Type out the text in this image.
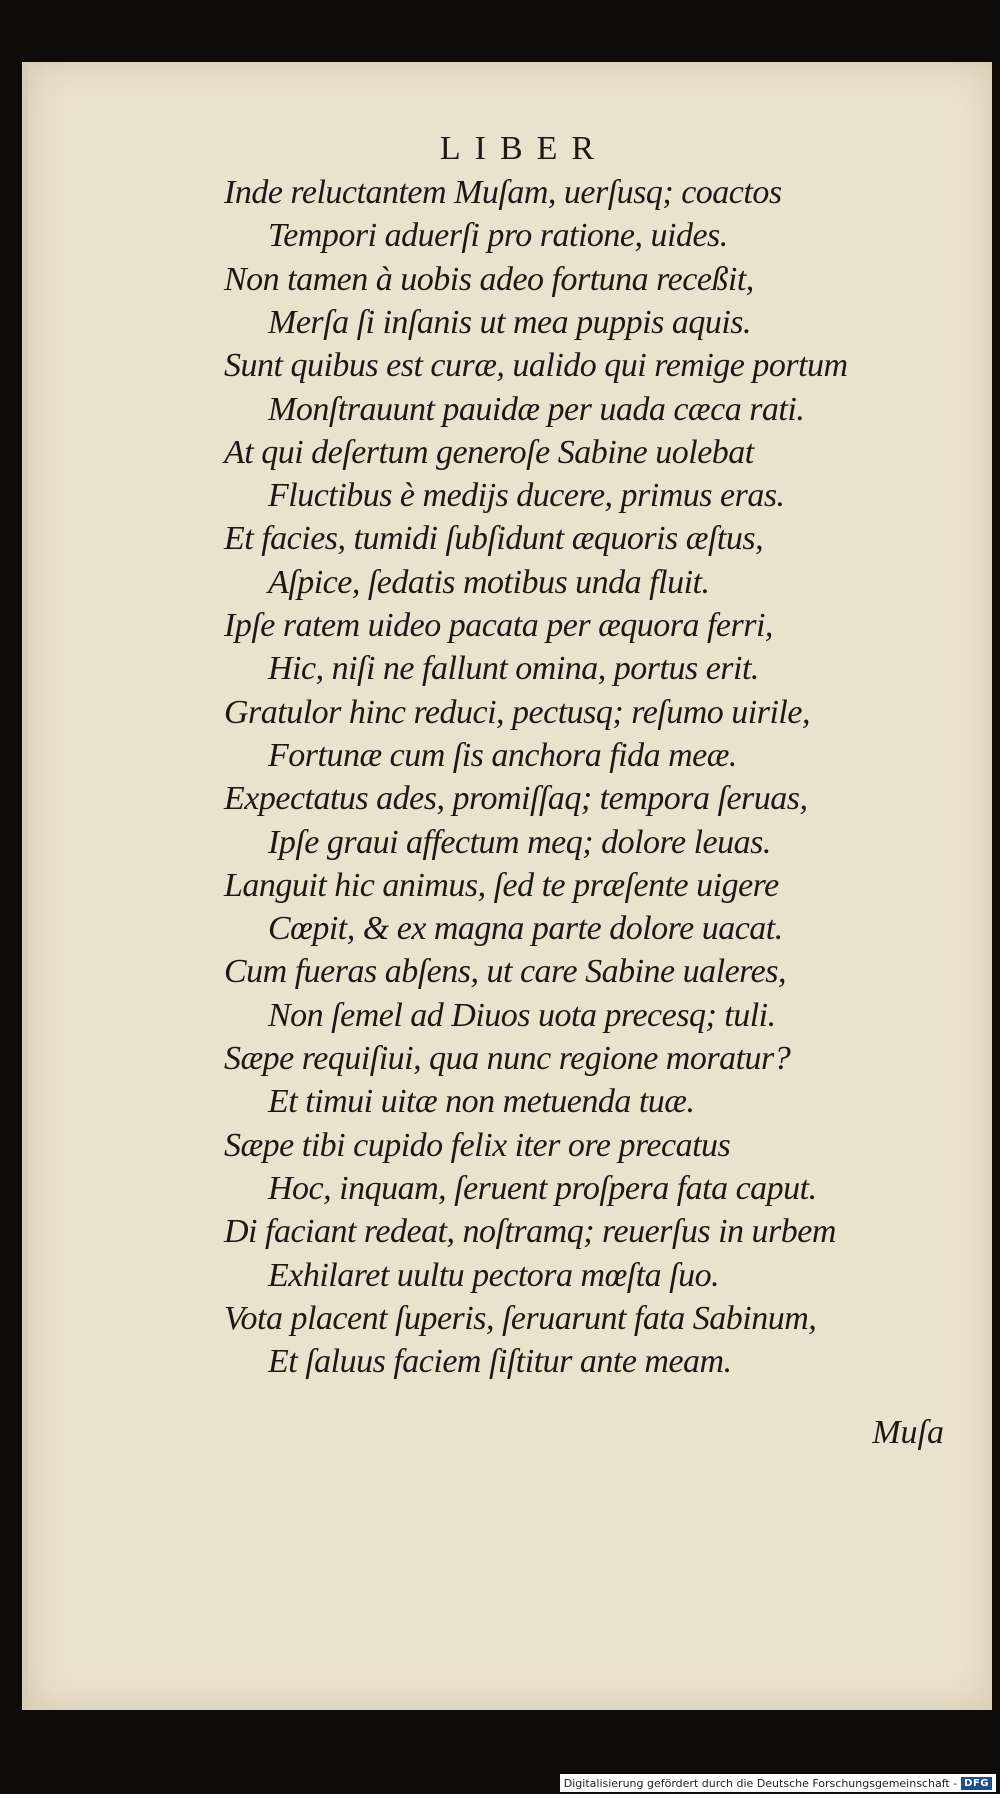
LIBER
Inde reluctantem Muſam, uerſusq; coactos
Tempori aduerſi pro ratione, uides.
Non tamen à uobis adeo fortuna receßit,
Merſa ſi inſanis ut mea puppis aquis.
Sunt quibus est curæ, ualido qui remige portum
Monſtrauunt pauidæ per uada cæca rati.
At qui deſertum generoſe Sabine uolebat
Fluctibus è medijs ducere, primus eras.
Et facies, tumidi ſubſidunt æquoris æſtus,
Aſpice, ſedatis motibus unda fluit.
Ipſe ratem uideo pacata per æquora ferri,
Hic, niſi ne fallunt omina, portus erit.
Gratulor hinc reduci, pectusq; reſumo uirile,
Fortunæ cum ſis anchora fida meæ.
Expectatus ades, promiſſaq; tempora ſeruas,
Ipſe graui affectum meq; dolore leuas.
Languit hic animus, ſed te præſente uigere
Cœpit, & ex magna parte dolore uacat.
Cum fueras abſens, ut care Sabine ualeres,
Non ſemel ad Diuos uota precesq; tuli.
Sæpe requiſiui, qua nunc regione moratur?
Et timui uitæ non metuenda tuæ.
Sæpe tibi cupido felix iter ore precatus
Hoc, inquam, ſeruent proſpera fata caput.
Di faciant redeat, noſtramq; reuerſus in urbem
Exhilaret uultu pectora mœſta ſuo.
Vota placent ſuperis, ſeruarunt fata Sabinum,
Et ſaluus faciem ſiſtitur ante meam.
Muſa
Digitalisierung gefördert durch die Deutsche Forschungsgemeinschaft - DFG
